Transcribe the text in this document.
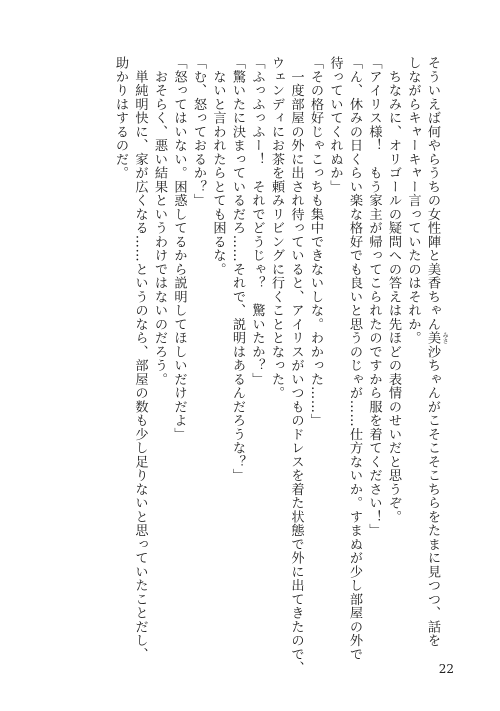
そういえば何やらうちの女性陣と美香ちゃん美沙 みさ
ちゃんがこそこそこちらをたまに見つつ、話を
しながらキャーキャー言っていたのはそれか。
　ちなみに、オリゴールの疑問への答えは先ほどの表情のせいだと思うぞ。
「アイリス様！　もう家主が帰ってこられたのですから服を着てください！」
「ん、休みの日くらい楽な格好でも良いと思うのじゃが……仕方ないか。すまぬが少し部屋の外で
待っていてくれぬか」
「その格好じゃこっちも集中できないしな。わかった……」
　一度部屋の外に出され待っていると、アイリスがいつものドレスを着た状態で外に出てきたので、
ウェンディにお茶を頼みリビングに行くこととなった。
「ふっふっふー！　それでどうじゃ？　驚いたか？」
「驚いたに決まっているだろ……それで、説明はあるんだろうな？」
　ないと言われたらとても困るな。
「む、怒っておるか？」
「怒ってはいない。困惑してるから説明してほしいだけだよ」
　おそらく、悪い結果というわけではないのだろう。
　単純明快に、家が広くなる……というのなら、部屋の数も少し足りないと思っていたことだし、
助かりはするのだ。
22
